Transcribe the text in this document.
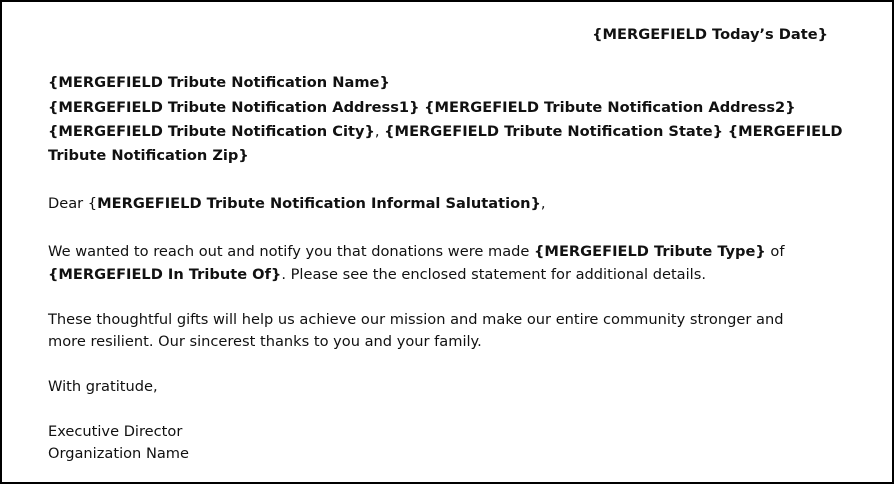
{MERGEFIELD Today’s Date}
{MERGEFIELD Tribute Notification Name}
{MERGEFIELD Tribute Notification Address1} {MERGEFIELD Tribute Notification Address2}
{MERGEFIELD Tribute Notification City}, {MERGEFIELD Tribute Notification State} {MERGEFIELD
Tribute Notification Zip}
Dear {MERGEFIELD Tribute Notification Informal Salutation},
We wanted to reach out and notify you that donations were made {MERGEFIELD Tribute Type} of
{MERGEFIELD In Tribute Of}. Please see the enclosed statement for additional details.
These thoughtful gifts will help us achieve our mission and make our entire community stronger and
more resilient. Our sincerest thanks to you and your family.
With gratitude,
Executive Director
Organization Name
